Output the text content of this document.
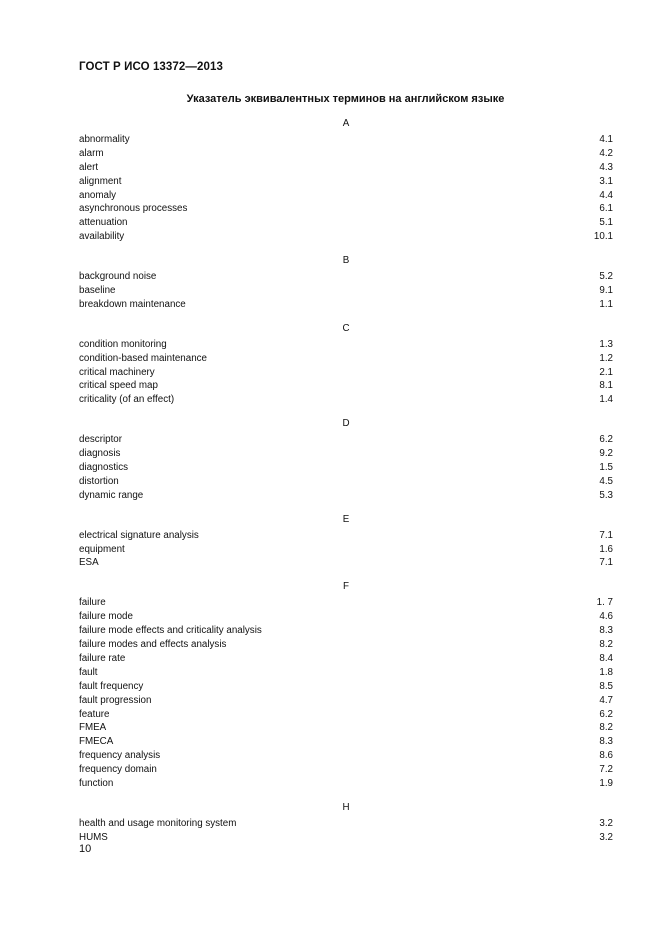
ГОСТ Р ИСО 13372—2013
Указатель эквивалентных терминов на английском языке
A
abnormality	4.1
alarm	4.2
alert	4.3
alignment	3.1
anomaly	4.4
asynchronous processes	6.1
attenuation	5.1
availability	10.1
B
background noise	5.2
baseline	9.1
breakdown maintenance	1.1
C
condition monitoring	1.3
condition-based maintenance	1.2
critical machinery	2.1
critical speed map	8.1
criticality (of an effect)	1.4
D
descriptor	6.2
diagnosis	9.2
diagnostics	1.5
distortion	4.5
dynamic range	5.3
E
electrical signature analysis	7.1
equipment	1.6
ESA	7.1
F
failure	1. 7
failure mode	4.6
failure mode effects and criticality analysis	8.3
failure modes and effects analysis	8.2
failure rate	8.4
fault	1.8
fault frequency	8.5
fault progression	4.7
feature	6.2
FMEA	8.2
FMECA	8.3
frequency analysis	8.6
frequency domain	7.2
function	1.9
H
health and usage monitoring system	3.2
HUMS	3.2
10
